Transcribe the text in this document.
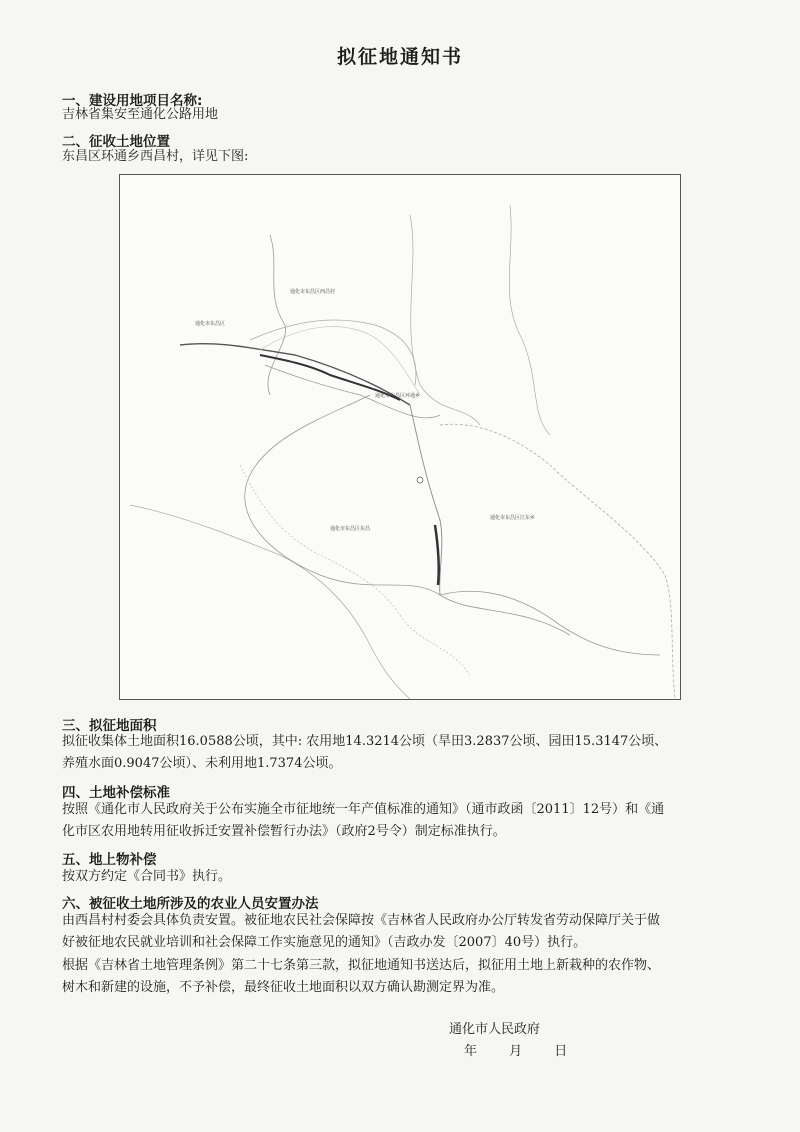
拟征地通知书
一、建设用地项目名称:
吉林省集安至通化公路用地
二、征收土地位置
东昌区环通乡西昌村，详见下图:
通化市东昌区西昌村
通化市东昌区
通化市东昌区环通乡
通化市东昌区江东乡
通化市东昌区东昌
三、拟征地面积
拟征收集体土地面积16.0588公顷，其中: 农用地14.3214公顷（旱田3.2837公顷、园田15.3147公顷、
养殖水面0.9047公顷）、未利用地1.7374公顷。
四、土地补偿标准
按照《通化市人民政府关于公布实施全市征地统一年产值标准的通知》（通市政函〔2011〕12号）和《通
化市区农用地转用征收拆迁安置补偿暂行办法》（政府2号令）制定标准执行。
五、地上物补偿
按双方约定《合同书》执行。
六、被征收土地所涉及的农业人员安置办法
由西昌村村委会具体负责安置。被征地农民社会保障按《吉林省人民政府办公厅转发省劳动保障厅关于做
好被征地农民就业培训和社会保障工作实施意见的通知》（吉政办发〔2007〕40号）执行。
根据《吉林省土地管理条例》第二十七条第三款，拟征地通知书送达后，拟征用土地上新栽种的农作物、
树木和新建的设施，不予补偿，最终征收土地面积以双方确认勘测定界为准。
通化市人民政府
年 月 日
